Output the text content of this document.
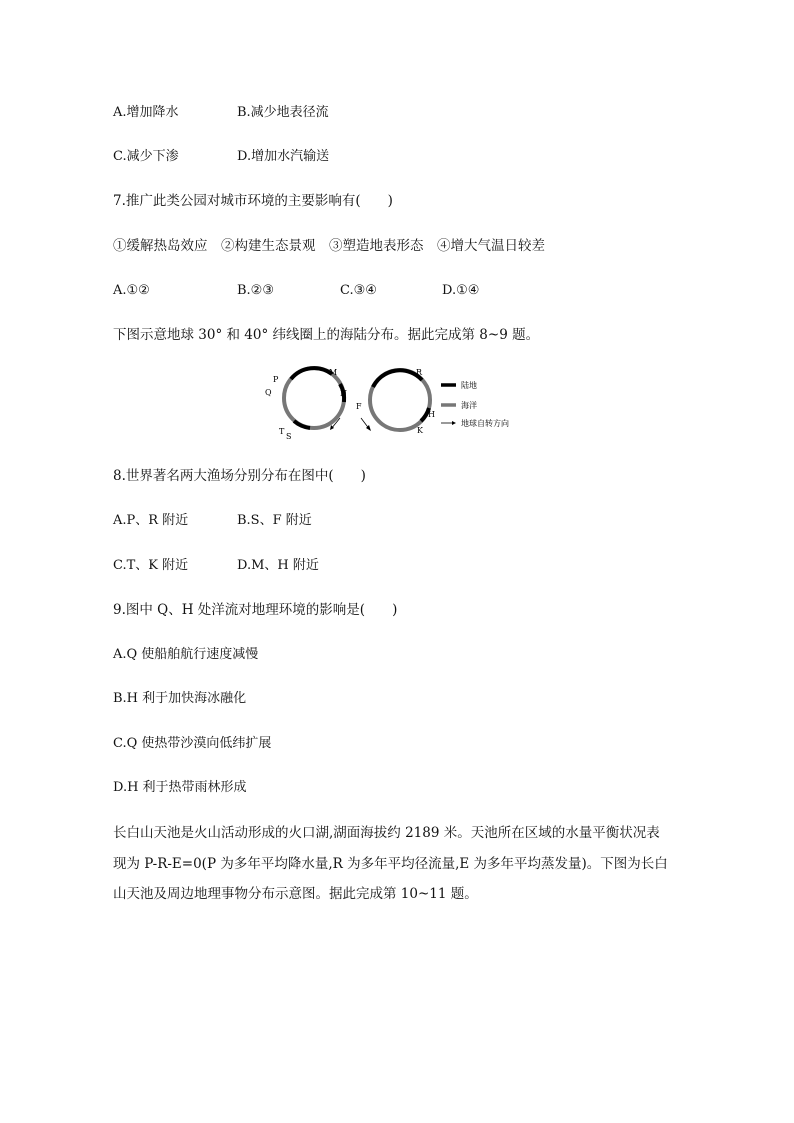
A.增加降水	B.减少地表径流
C.减少下渗	D.增加水汽输送
7.推广此类公园对城市环境的主要影响有(　　)
①缓解热岛效应　②构建生态景观　③塑造地表形态　④增大气温日较差
A.①②	B.②③	C.③④	D.①④
下图示意地球 30° 和 40° 纬线圈上的海陆分布。据此完成第 8~9 题。
P
Q
M
N
T
S
R
F
H
K
陆地
海洋
地球自转方向
8.世界著名两大渔场分别分布在图中(　　)
A.P、R 附近	B.S、F 附近
C.T、K 附近	D.M、H 附近
9.图中 Q、H 处洋流对地理环境的影响是(　　)
A.Q 使船舶航行速度减慢
B.H 利于加快海冰融化
C.Q 使热带沙漠向低纬扩展
D.H 利于热带雨林形成
长白山天池是火山活动形成的火口湖,湖面海拔约 2189 米。天池所在区域的水量平衡状况表
现为 P-R-E=0(P 为多年平均降水量,R 为多年平均径流量,E 为多年平均蒸发量)。下图为长白
山天池及周边地理事物分布示意图。据此完成第 10~11 题。
